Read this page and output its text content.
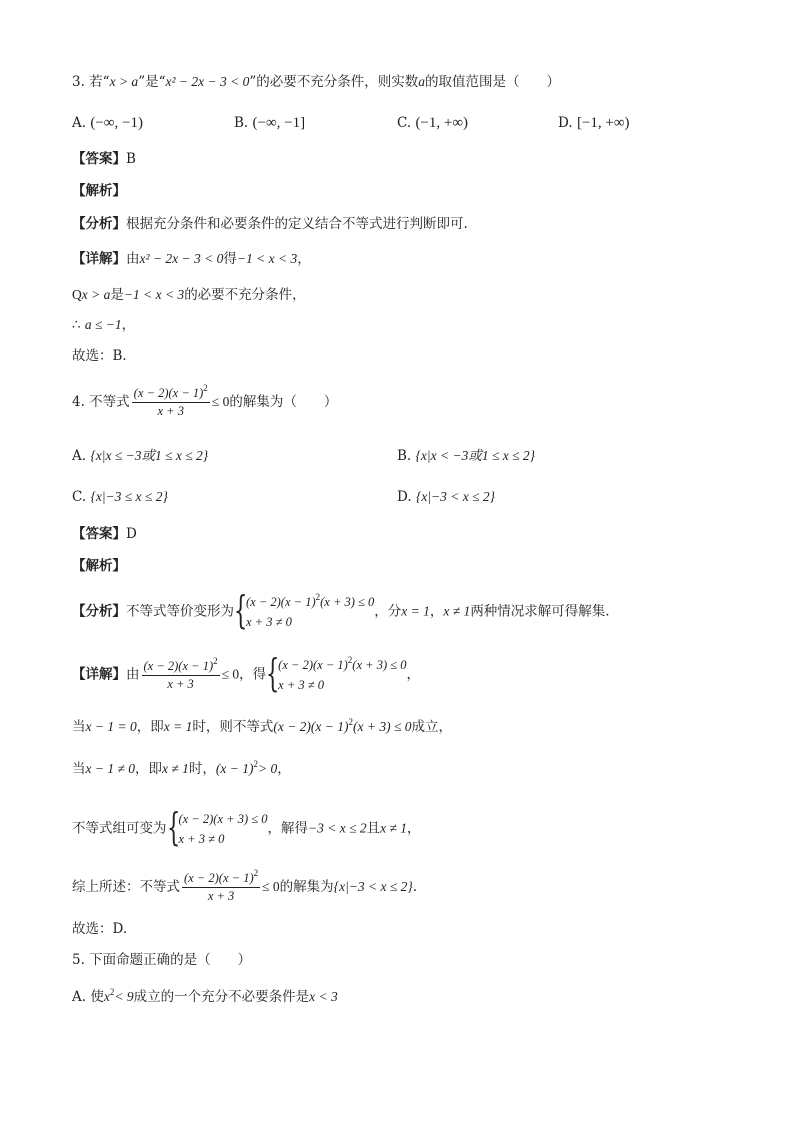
3. 若“x > a”是“x² − 2x − 3 < 0”的必要不充分条件，则实数a的取值范围是（　　）
A. (−∞, −1)	B. (−∞, −1]	C. (−1, +∞)	D. [−1, +∞)
【答案】B
【解析】
【分析】根据充分条件和必要条件的定义结合不等式进行判断即可.
【详解】由x² − 2x − 3 < 0得−1 < x < 3，
Qx > a是−1 < x < 3的必要不充分条件，
∴ a ≤ −1，
故选：B．
4. 不等式 $\frac{(x - 2)(x - 1)^2}{x + 3} \le 0$的解集为（　　）
A. {x|x ≤ −3或1 ≤ x ≤ 2}	B. {x|x < −3或1 ≤ x ≤ 2}
C. {x|−3 ≤ x ≤ 2}	D. {x|−3 < x ≤ 2}
【答案】D
【解析】
【分析】不等式等价变形为 {
$(x - 2)(x - 1)^2(x + 3) \le 0$
x + 3 ≠ 0
，分x = 1，x ≠ 1两种情况求解可得解集.
【详解】由 $\frac{(x - 2)(x - 1)^2}{x + 3} \le 0$，得 {
$(x - 2)(x - 1)^2(x + 3) \le 0$
x + 3 ≠ 0
，
当x − 1 = 0，即x = 1时，则不等式$(x - 2)(x - 1)^2(x + 3) \le 0$成立，
当x − 1 ≠ 0，即x ≠ 1时，$(x - 1)^2> 0$，
不等式组可变为 {
(x − 2)(x + 3) ≤ 0
x + 3 ≠ 0
，解得−3 < x ≤ 2且x ≠ 1，
综上所述：不等式 $\frac{(x - 2)(x - 1)^2}{x + 3} \le 0$的解集为{x|−3 < x ≤ 2}.
故选：D.
5. 下面命题正确的是（　　）
A. 使$x^2< 9$成立的一个充分不必要条件是x < 3
